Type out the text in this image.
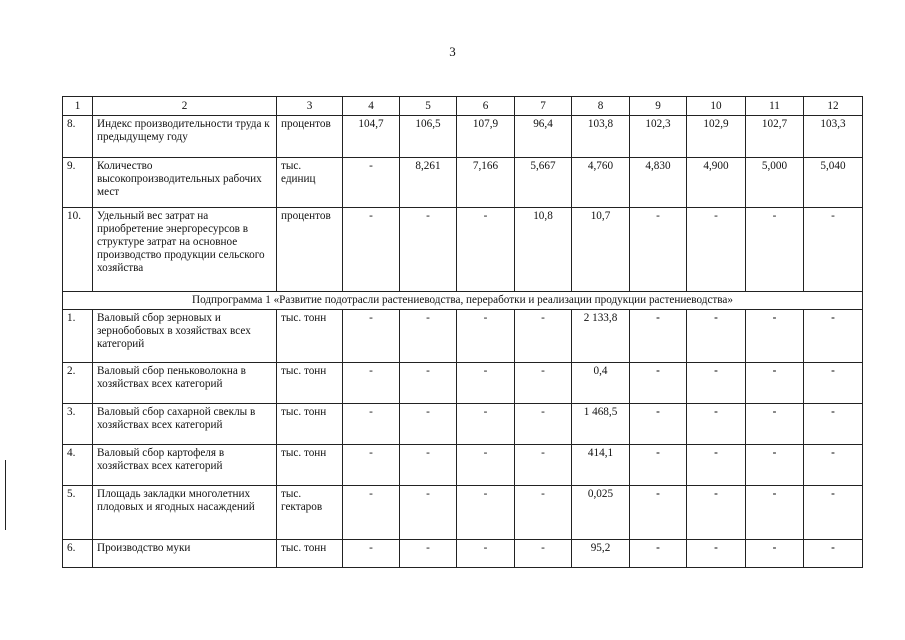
3
1	2	3	4	5	6	7	8	9	10	11	12
8.	Индекс производительности труда к предыдущему году	процентов	104,7	106,5	107,9	96,4	103,8	102,3	102,9	102,7	103,3
9.	Количество высокопроизводительных рабочих мест	тыс. единиц	-	8,261	7,166	5,667	4,760	4,830	4,900	5,000	5,040
10.	Удельный вес затрат на приобретение энергоресурсов в структуре затрат на основное производство продукции сельского хозяйства	процентов	-	-	-	10,8	10,7	-	-	-	-
Подпрограмма 1 «Развитие подотрасли растениеводства, переработки и реализации продукции растениеводства»											
1.	Валовый сбор зерновых и зернобобовых в хозяйствах всех категорий	тыс. тонн	-	-	-	-	2 133,8	-	-	-	-
2.	Валовый сбор пеньковолокна в хозяйствах всех категорий	тыс. тонн	-	-	-	-	0,4	-	-	-	-
3.	Валовый сбор сахарной свеклы в хозяйствах всех категорий	тыс. тонн	-	-	-	-	1 468,5	-	-	-	-
4.	Валовый сбор картофеля в хозяйствах всех категорий	тыс. тонн	-	-	-	-	414,1	-	-	-	-
5.	Площадь закладки многолетних плодовых и ягодных насаждений	тыс. гектаров	-	-	-	-	0,025	-	-	-	-
6.	Производство муки	тыс. тонн	-	-	-	-	95,2	-	-	-	-
